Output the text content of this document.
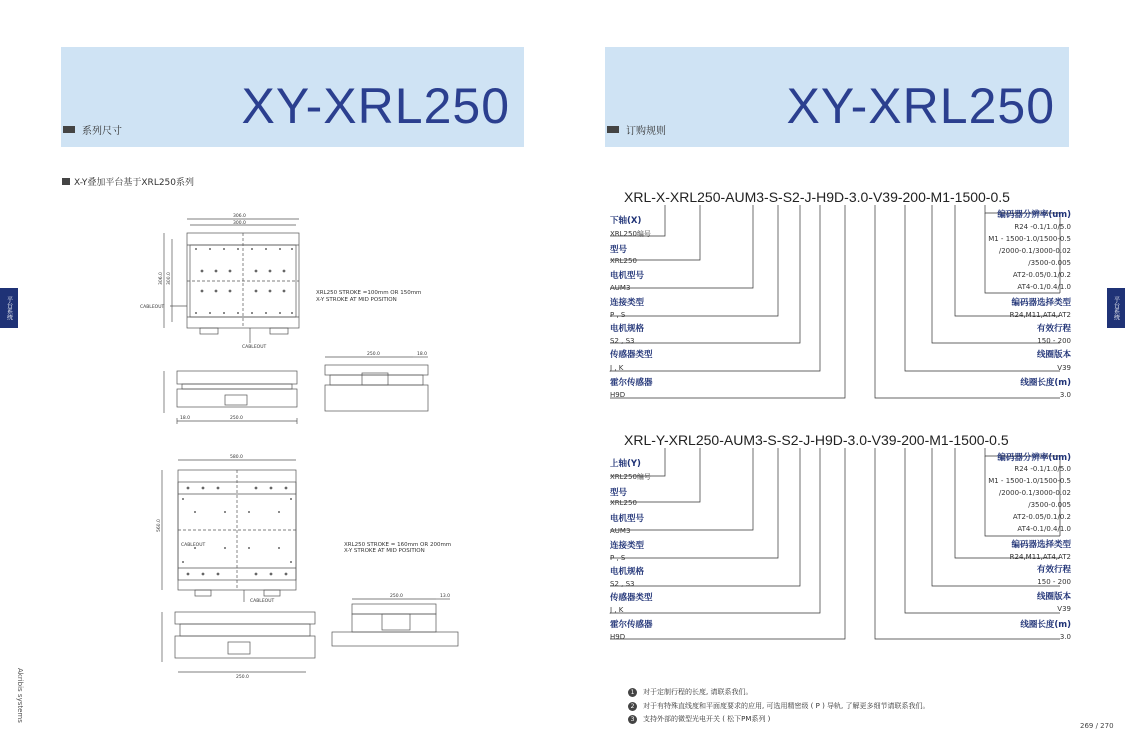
系列尺寸 XY-XRL250
X-Y叠加平台基于XRL250系列
平台系统
Akribis systems
306.0
300.0
306.0 300.0
CABLEOUT
CABLEOUT
250.0	18.0
18.0	250.0
XRL250 STROKE =100mm OR 150mm
X-Y STROKE AT MID POSITION
580.0
560.0
CABLEOUT
CABLEOUT
250.0	13.0
250.0
XRL250 STROKE = 160mm OR 200mm
X-Y STROKE AT MID POSITION
订购规则 XY-XRL250
平台系统
XRL-X-XRL250-AUM3-S-S2-J-H9D-3.0-V39-200-M1-1500-0.5
下轴(X)
XRL250编号
型号
XRL250
电机型号
AUM3
连接类型
P , S
电机规格
S2 , S3
传感器类型
J , K
霍尔传感器
H9D
编码器分辨率(um)
R24 -0.1/1.0/5.0
M1 - 1500-1.0/1500-0.5
/2000-0.1/3000-0.02
/3500-0.005
AT2-0.05/0.1/0.2
AT4-0.1/0.4/1.0
编码器选择类型
R24,M11,AT4,AT2
有效行程
150 - 200
线圈版本
V39
线圈长度(m)
3.0
XRL-Y-XRL250-AUM3-S-S2-J-H9D-3.0-V39-200-M1-1500-0.5
上轴(Y)
XRL250编号
型号
XRL250
电机型号
AUM3
连接类型
P , S
电机规格
S2 , S3
传感器类型
J , K
霍尔传感器
H9D
编码器分辨率(um)
R24 -0.1/1.0/5.0
M1 - 1500-1.0/1500-0.5
/2000-0.1/3000-0.02
/3500-0.005
AT2-0.05/0.1/0.2
AT4-0.1/0.4/1.0
编码器选择类型
R24,M11,AT4,AT2
有效行程
150 - 200
线圈版本
V39
线圈长度(m)
3.0
1	对于定制行程的长度, 请联系我们。
2	对于有特殊直线度和平面度要求的应用, 可选用精密级 ( P ) 导轨, 了解更多细节请联系我们。
3	支持外部的微型光电开关 ( 松下PM系列 )
269 / 270
